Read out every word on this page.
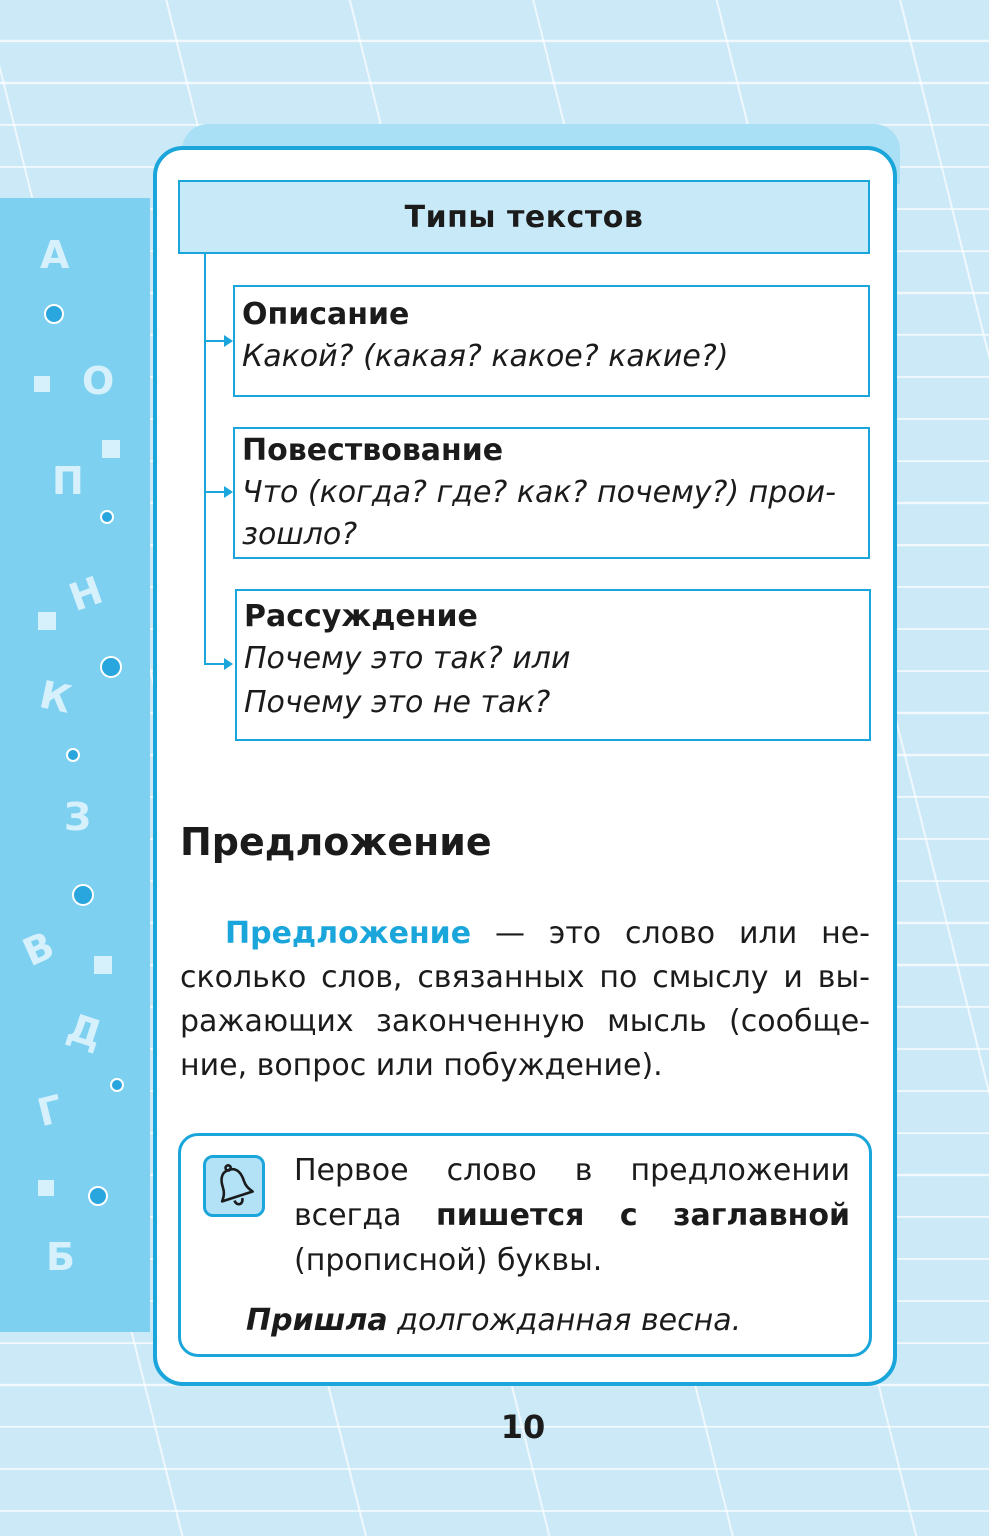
А
О
П
Н
К
З
В
Д
Г
Б
Типы текстов
Описание
Какой? (какая? какое? какие?)
Повествование
Что (когда? где? как? почему?) прои-
зошло?
Рассуждение
Почему это так? или
Почему это не так?
Предложение
Предложение — это слово или несколько слов, связанных по смыслу и выражающих законченную мысль (сообщение, вопрос или побуждение).
Первое слово в предложении всегда пишется с заглавной (прописной) буквы.
Пришла долгожданная весна.
10
